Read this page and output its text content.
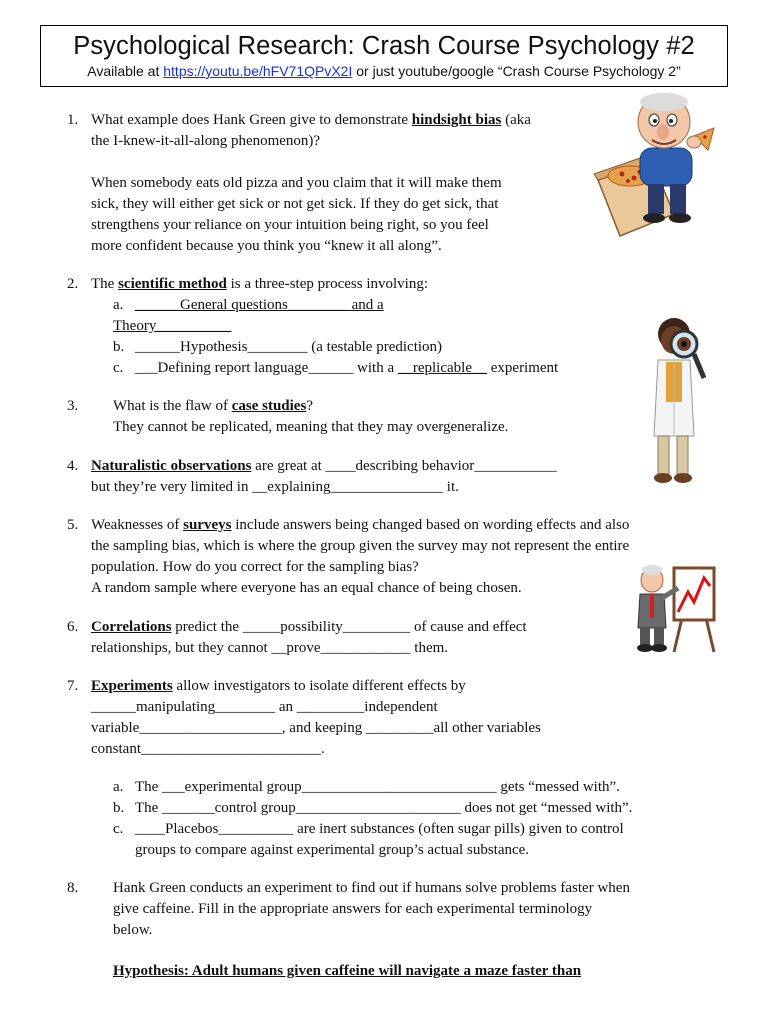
Psychological Research: Crash Course Psychology #2
Available at https://youtu.be/hFV71QPvX2I or just youtube/google “Crash Course Psychology 2”
1. What example does Hank Green give to demonstrate hindsight bias (aka
the I-knew-it-all-along phenomenon)?
When somebody eats old pizza and you claim that it will make them
sick, they will either get sick or not get sick. If they do get sick, that
strengthens your reliance on your intuition being right, so you feel
more confident because you think you “knew it all along”.
2. The scientific method is a three-step process involving:
a. ______General questions________ and a
Theory__________
b. ______Hypothesis________ (a testable prediction)
c. ___Defining report language______ with a __replicable__ experiment
3. What is the flaw of case studies?
They cannot be replicated, meaning that they may overgeneralize.
4. Naturalistic observations are great at ____describing behavior___________
but they’re very limited in __explaining_______________ it.
5. Weaknesses of surveys include answers being changed based on wording effects and also
the sampling bias, which is where the group given the survey may not represent the entire
population. How do you correct for the sampling bias?
A random sample where everyone has an equal chance of being chosen.
6. Correlations predict the _____possibility_________ of cause and effect
relationships, but they cannot __prove____________ them.
7. Experiments allow investigators to isolate different effects by
______manipulating________ an _________independent
variable___________________, and keeping _________all other variables
constant________________________.
a. The ___experimental group__________________________ gets “messed with”.
b. The _______control group______________________ does not get “messed with”.
c. ____Placebos__________ are inert substances (often sugar pills) given to control
groups to compare against experimental group’s actual substance.
8. Hank Green conducts an experiment to find out if humans solve problems faster when
give caffeine. Fill in the appropriate answers for each experimental terminology
below.
Hypothesis: Adult humans given caffeine will navigate a maze faster than
